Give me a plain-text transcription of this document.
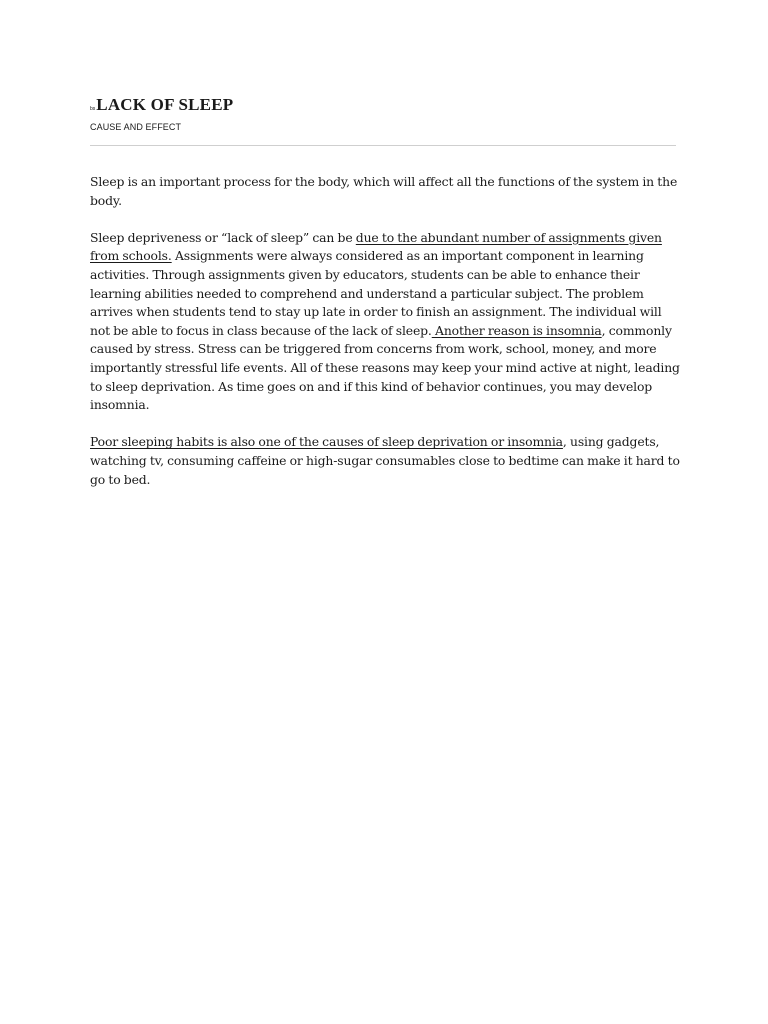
bs LACK OF SLEEP
CAUSE AND EFFECT

Sleep is an important process for the body, which will affect all the functions of the system in the body.

Sleep depriveness or “lack of sleep” can be due to the abundant number of assignments given from schools. Assignments were always considered as an important component in learning activities. Through assignments given by educators, students can be able to enhance their learning abilities needed to comprehend and understand a particular subject. The problem arrives when students tend to stay up late in order to finish an assignment. The individual will not be able to focus in class because of the lack of sleep. Another reason is insomnia, commonly caused by stress. Stress can be triggered from concerns from work, school, money, and more importantly stressful life events. All of these reasons may keep your mind active at night, leading to sleep deprivation. As time goes on and if this kind of behavior continues, you may develop insomnia.

Poor sleeping habits is also one of the causes of sleep deprivation or insomnia, using gadgets, watching tv, consuming caffeine or high-sugar consumables close to bedtime can make it hard to go to bed.
